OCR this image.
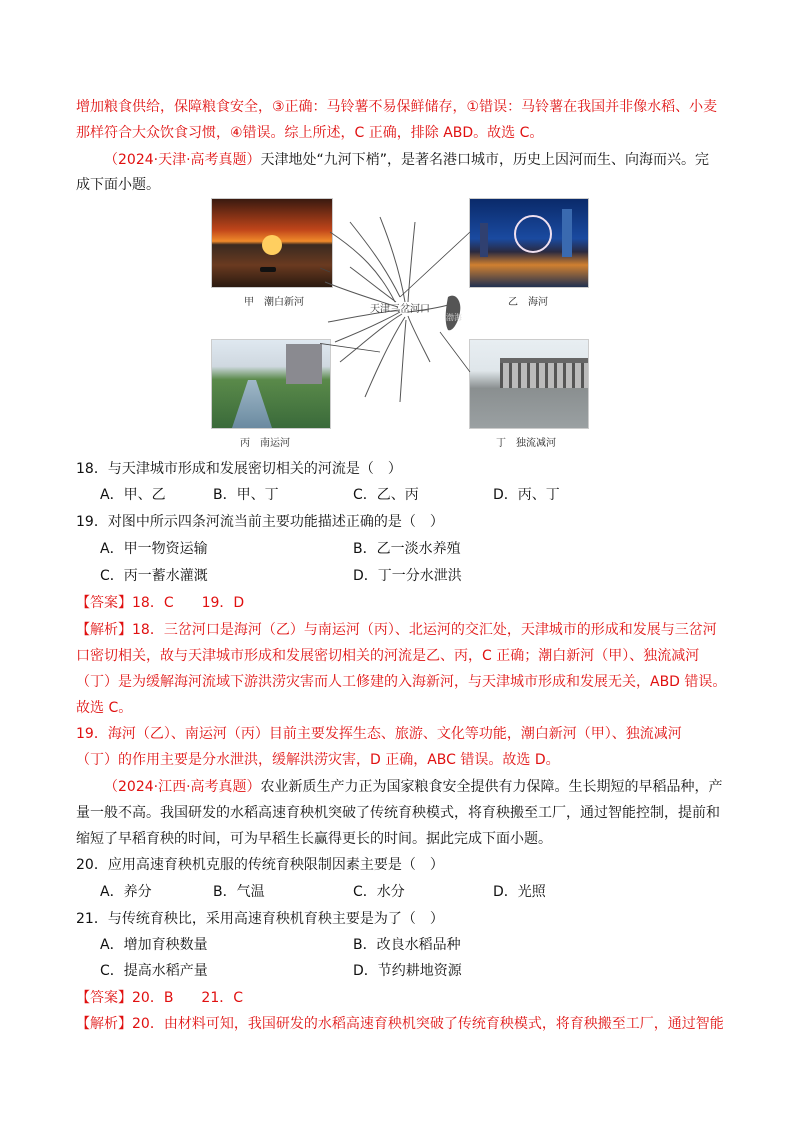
增加粮食供给，保障粮食安全，③正确：马铃薯不易保鲜储存，①错误：马铃薯在我国并非像水稻、小麦
那样符合大众饮食习惯，④错误。综上所述，C 正确，排除 ABD。故选 C。
（2024·天津·高考真题）天津地处“九河下梢”，是著名港口城市，历史上因河而生、向海而兴。完
成下面小题。
甲　潮白新河	乙　海河
丙　南运河	丁　独流减河
天津三岔河口
渤海
18．与天津城市形成和发展密切相关的河流是（　）
A．甲、乙	B．甲、丁	C．乙、丙	D．丙、丁
19．对图中所示四条河流当前主要功能描述正确的是（　）
A．甲一物资运输	B．乙一淡水养殖
C．丙一蓄水灌溉	D．丁一分水泄洪
【答案】18．C　　19．D
【解析】18．三岔河口是海河（乙）与南运河（丙）、北运河的交汇处，天津城市的形成和发展与三岔河
口密切相关，故与天津城市形成和发展密切相关的河流是乙、丙，C 正确；潮白新河（甲）、独流减河
（丁）是为缓解海河流域下游洪涝灾害而人工修建的入海新河，与天津城市形成和发展无关，ABD 错误。
故选 C。
19．海河（乙）、南运河（丙）目前主要发挥生态、旅游、文化等功能，潮白新河（甲）、独流减河
（丁）的作用主要是分水泄洪，缓解洪涝灾害，D 正确，ABC 错误。故选 D。
（2024·江西·高考真题）农业新质生产力正为国家粮食安全提供有力保障。生长期短的早稻品种，产
量一般不高。我国研发的水稻高速育秧机突破了传统育秧模式，将育秧搬至工厂，通过智能控制，提前和
缩短了早稻育秧的时间，可为早稻生长赢得更长的时间。据此完成下面小题。
20．应用高速育秧机克服的传统育秧限制因素主要是（　）
A．养分	B．气温	C．水分	D．光照
21．与传统育秧比，采用高速育秧机育秧主要是为了（　）
A．增加育秧数量	B．改良水稻品种
C．提高水稻产量	D．节约耕地资源
【答案】20．B　　21．C
【解析】20．由材料可知，我国研发的水稻高速育秧机突破了传统育秧模式，将育秧搬至工厂，通过智能
